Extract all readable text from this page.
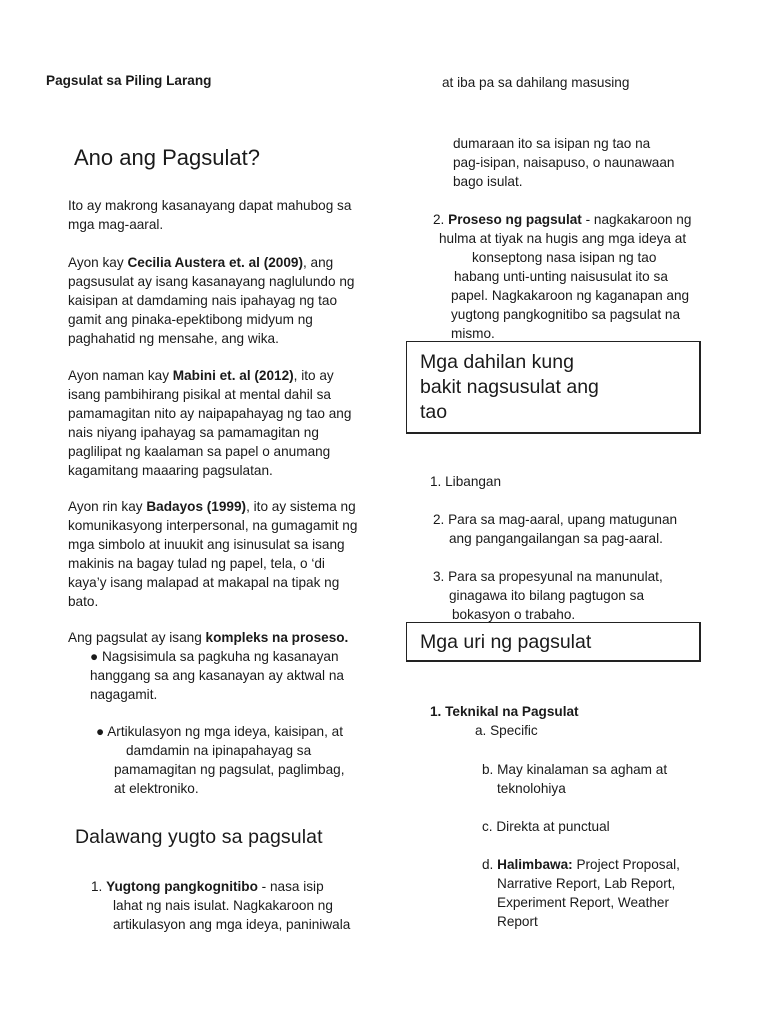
Pagsulat sa Piling Larang
Ano ang Pagsulat?
Ito ay makrong kasanayang dapat mahubog sa
mga mag-aaral.
Ayon kay Cecilia Austera et. al (2009), ang
pagsusulat ay isang kasanayang naglulundo ng
kaisipan at damdaming nais ipahayag ng tao
gamit ang pinaka-epektibong midyum ng
paghahatid ng mensahe, ang wika.
Ayon naman kay Mabini et. al (2012), ito ay
isang pambihirang pisikal at mental dahil sa
pamamagitan nito ay naipapahayag ng tao ang
nais niyang ipahayag sa pamamagitan ng
paglilipat ng kaalaman sa papel o anumang
kagamitang maaaring pagsulatan.
Ayon rin kay Badayos (1999), ito ay sistema ng
komunikasyong interpersonal, na gumagamit ng
mga simbolo at inuukit ang isinusulat sa isang
makinis na bagay tulad ng papel, tela, o ‘di
kaya’y isang malapad at makapal na tipak ng
bato.
Ang pagsulat ay isang kompleks na proseso.
● Nagsisimula sa pagkuha ng kasanayan
hanggang sa ang kasanayan ay aktwal na
nagagamit.
● Artikulasyon ng mga ideya, kaisipan, at
damdamin na ipinapahayag sa
pamamagitan ng pagsulat, paglimbag,
at elektroniko.
Dalawang yugto sa pagsulat
1. Yugtong pangkognitibo - nasa isip
lahat ng nais isulat. Nagkakaroon ng
artikulasyon ang mga ideya, paniniwala
at iba pa sa dahilang masusing
dumaraan ito sa isipan ng tao na
pag-isipan, naisapuso, o naunawaan
bago isulat.
2. Proseso ng pagsulat - nagkakaroon ng
hulma at tiyak na hugis ang mga ideya at
konseptong nasa isipan ng tao
habang unti-unting naisusulat ito sa
papel. Nagkakaroon ng kaganapan ang
yugtong pangkognitibo sa pagsulat na
mismo.
Mga dahilan kung
bakit nagsusulat ang
tao
1. Libangan
2. Para sa mag-aaral, upang matugunan
ang pangangailangan sa pag-aaral.
3. Para sa propesyunal na manunulat,
ginagawa ito bilang pagtugon sa
bokasyon o trabaho.
Mga uri ng pagsulat
1. Teknikal na Pagsulat
a. Specific
b. May kinalaman sa agham at
teknolohiya
c. Direkta at punctual
d. Halimbawa: Project Proposal,
Narrative Report, Lab Report,
Experiment Report, Weather
Report
